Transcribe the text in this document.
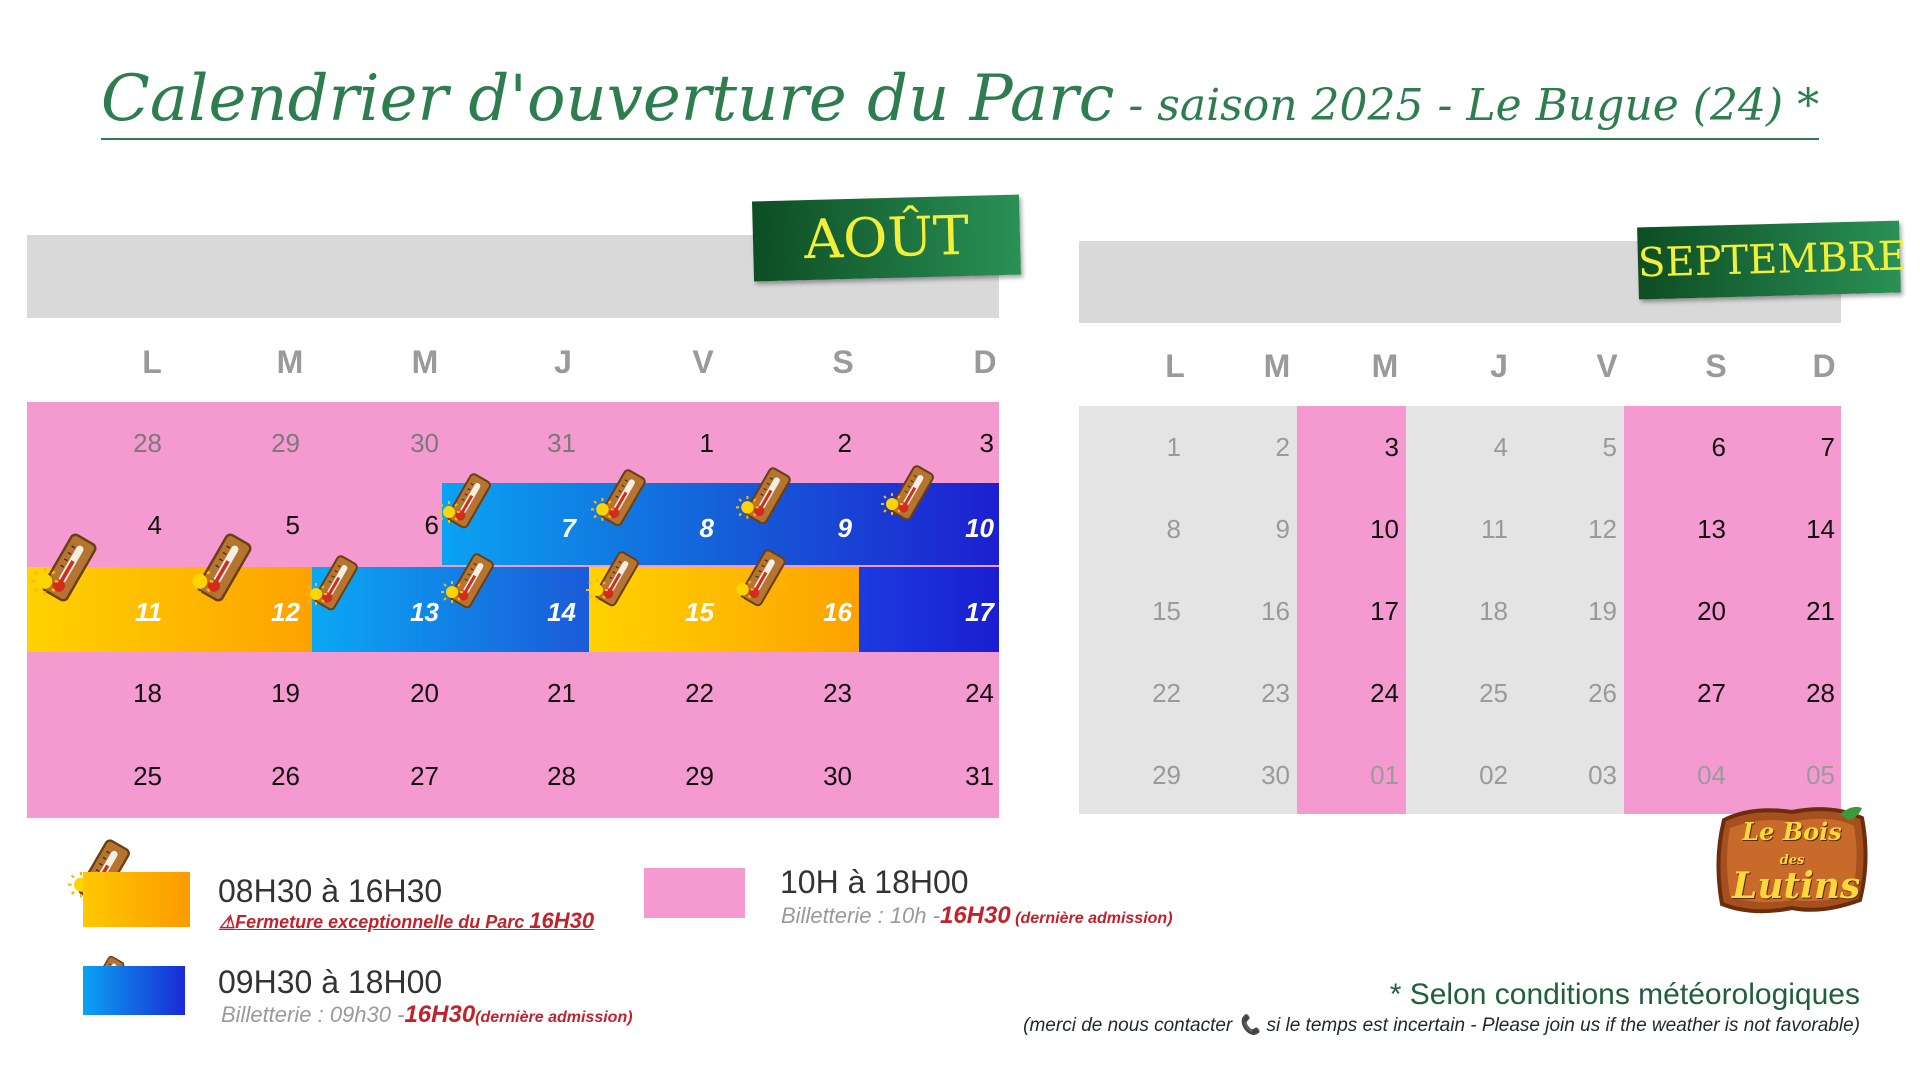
Calendrier d'ouverture du Parc - saison 2025 - Le Bugue (24) *
AOÛT
L	M	M	J	V	S	D
28	29	30	31	1	2	3
4	5	6	7	8	9	10
11	12	13	14	15	16	17
18	19	20	21	22	23	24
25	26	27	28	29	30	31
SEPTEMBRE
L	M	M	J	V	S	D
1	2	3	4	5	6	7
8	9	10	11	12	13	14
15	16	17	18	19	20	21
22	23	24	25	26	27	28
29	30	01	02	03	04	05
08H30 à 16H30
⚠Fermeture exceptionnelle du Parc 16H30
10H à 18H00
Billetterie : 10h -16H30 (dernière admission)
09H30 à 18H00
Billetterie : 09h30 -16H30(dernière admission)
* Selon conditions météorologiques
(merci de nous contacter 📞 si le temps est incertain - Please join us if the weather is not favorable)
Le Bois des
Lutins
